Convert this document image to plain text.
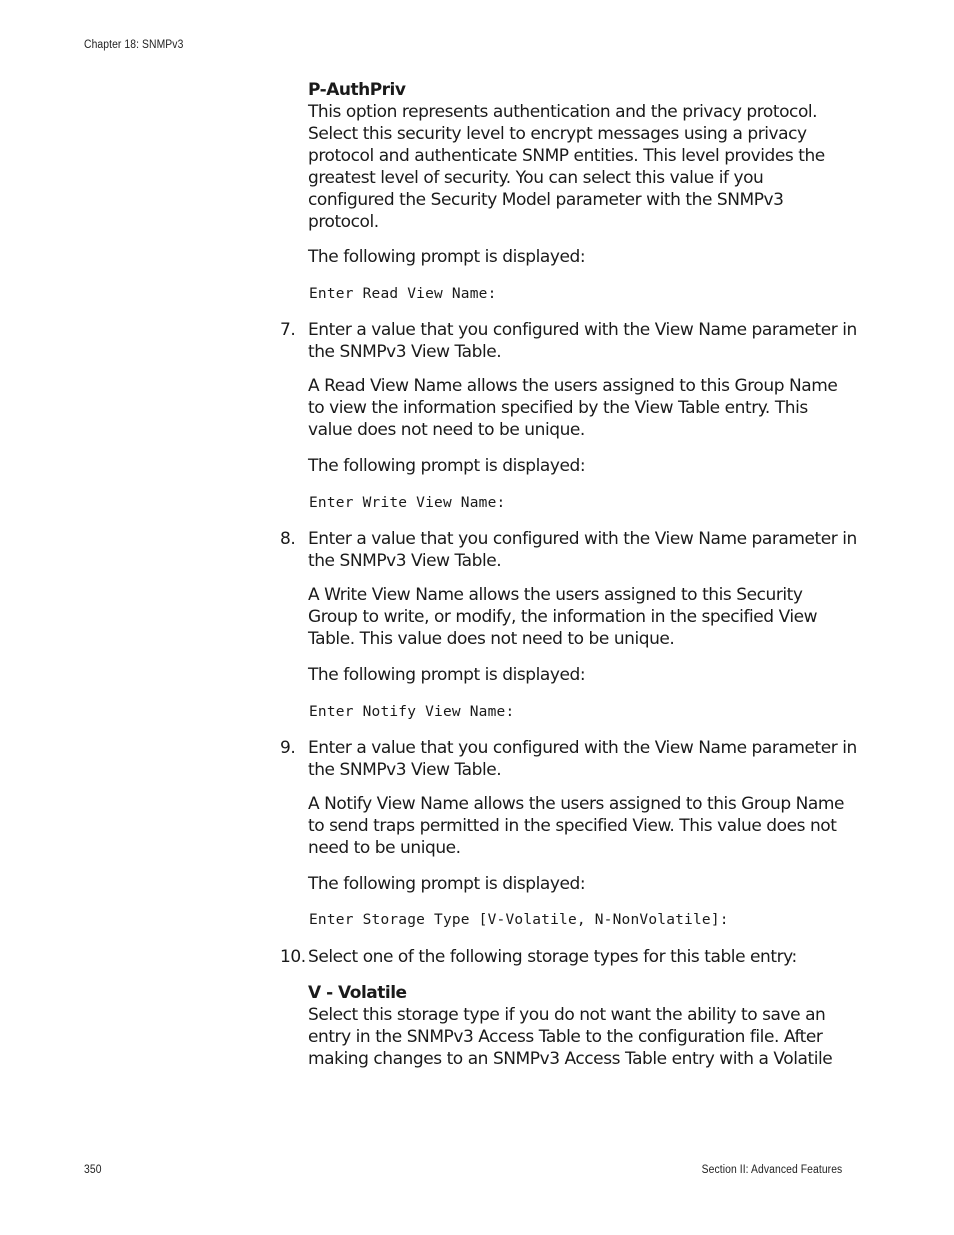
Chapter 18: SNMPv3
P-AuthPriv
This option represents authentication and the privacy protocol.
Select this security level to encrypt messages using a privacy
protocol and authenticate SNMP entities. This level provides the
greatest level of security. You can select this value if you
configured the Security Model parameter with the SNMPv3
protocol.
The following prompt is displayed:
Enter Read View Name:
7. Enter a value that you configured with the View Name parameter in
the SNMPv3 View Table.
A Read View Name allows the users assigned to this Group Name
to view the information specified by the View Table entry. This
value does not need to be unique.
The following prompt is displayed:
Enter Write View Name:
8. Enter a value that you configured with the View Name parameter in
the SNMPv3 View Table.
A Write View Name allows the users assigned to this Security
Group to write, or modify, the information in the specified View
Table. This value does not need to be unique.
The following prompt is displayed:
Enter Notify View Name:
9. Enter a value that you configured with the View Name parameter in
the SNMPv3 View Table.
A Notify View Name allows the users assigned to this Group Name
to send traps permitted in the specified View. This value does not
need to be unique.
The following prompt is displayed:
Enter Storage Type [V-Volatile, N-NonVolatile]:
10. Select one of the following storage types for this table entry:
V - Volatile
Select this storage type if you do not want the ability to save an
entry in the SNMPv3 Access Table to the configuration file. After
making changes to an SNMPv3 Access Table entry with a Volatile
350	Section II: Advanced Features
